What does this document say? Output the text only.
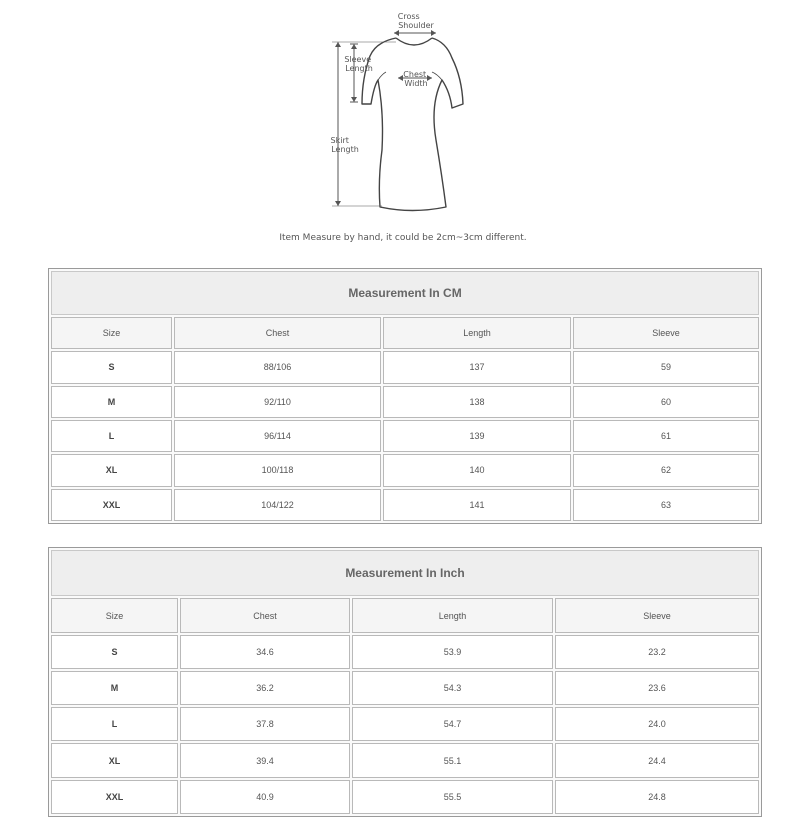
Cross Shoulder
Sleeve Length
Chest Width
Skirt Length
Item Measure by hand, it could be 2cm~3cm different.
Measurement In CM			
Size	Chest	Length	Sleeve
S	88/106	137	59
M	92/110	138	60
L	96/114	139	61
XL	100/118	140	62
XXL	104/122	141	63
Measurement In Inch			
Size	Chest	Length	Sleeve
S	34.6	53.9	23.2
M	36.2	54.3	23.6
L	37.8	54.7	24.0
XL	39.4	55.1	24.4
XXL	40.9	55.5	24.8
